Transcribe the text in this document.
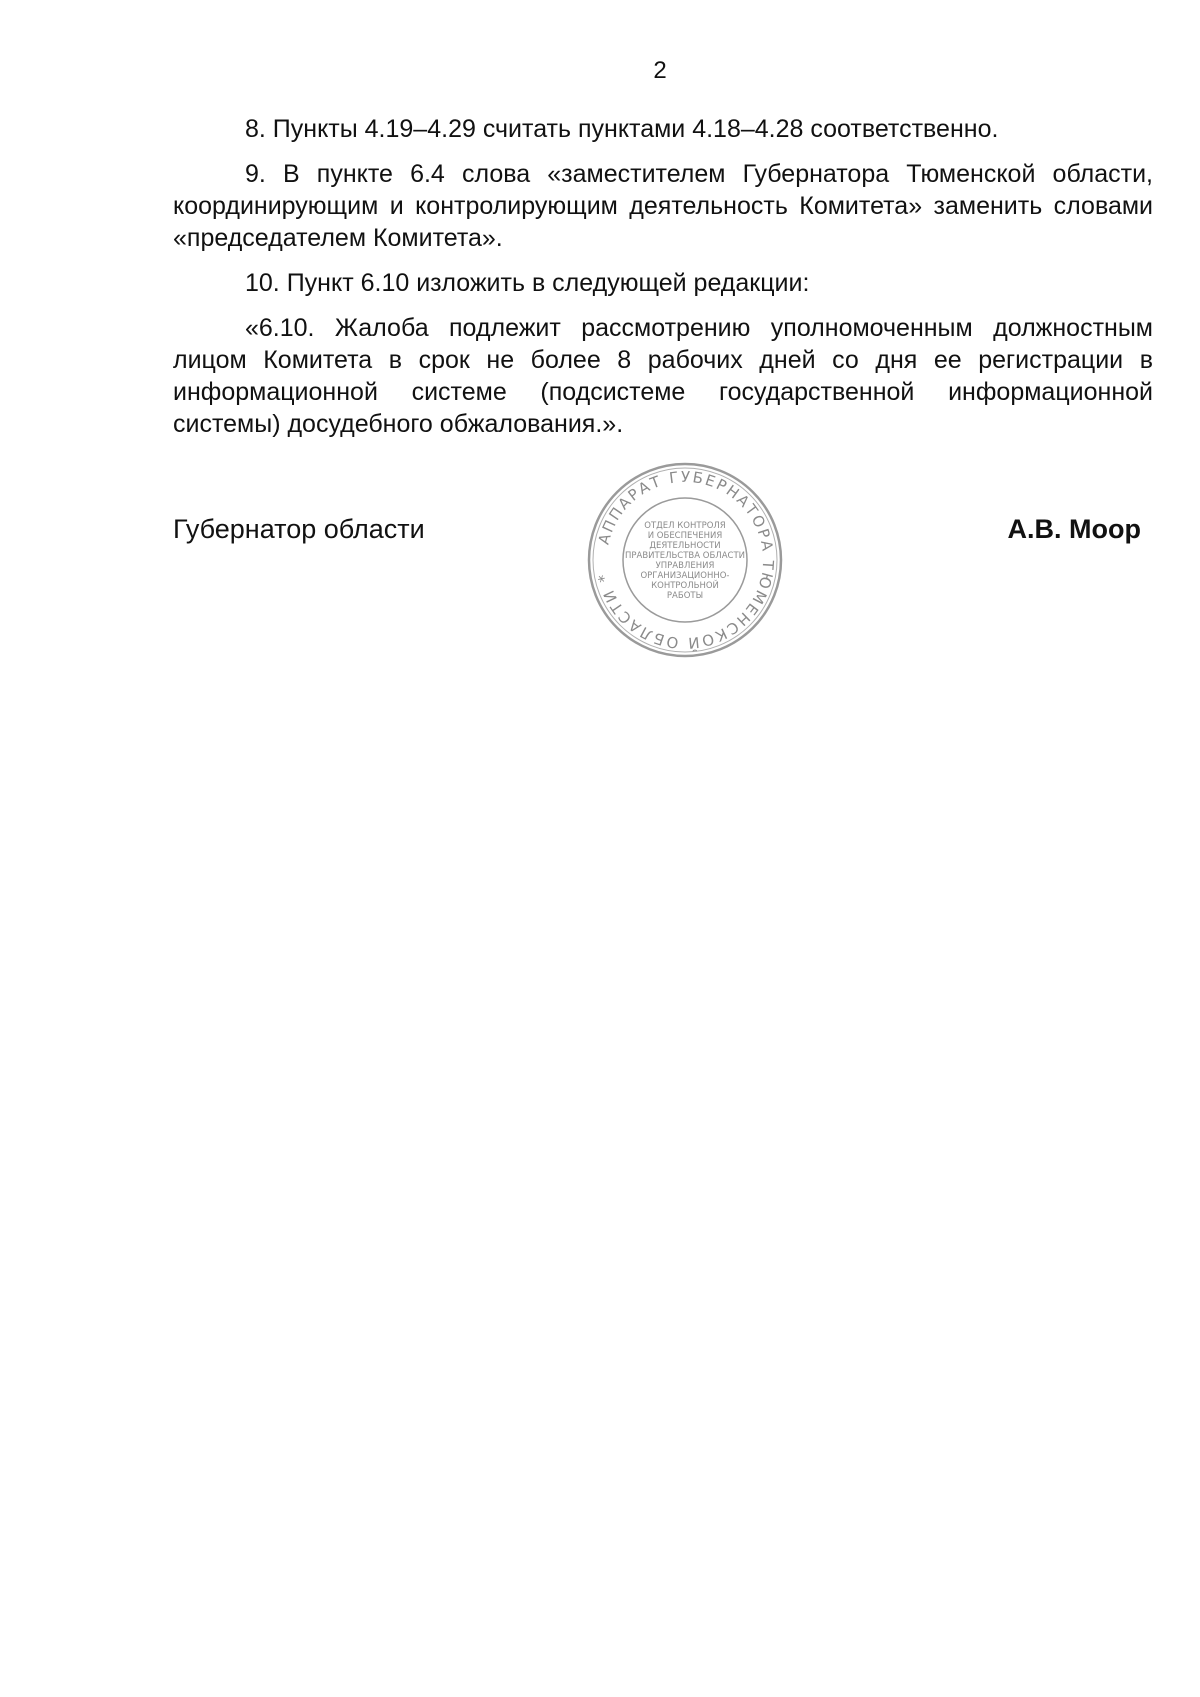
2

8. Пункты 4.19–4.29 считать пунктами 4.18–4.28 соответственно.

9. В пункте 6.4 слова «заместителем Губернатора Тюменской области, координирующим и контролирующим деятельность Комитета» заменить словами «председателем Комитета».

10. Пункт 6.10 изложить в следующей редакции:

«6.10. Жалоба подлежит рассмотрению уполномоченным должностным лицом Комитета в срок не более 8 рабочих дней со дня ее регистрации в информационной системе (подсистеме государственной информационной системы) досудебного обжалования.».

Губернатор области	А.В. Моор
АППАРАТ ГУБЕРНАТОРА ТЮМЕНСКОЙ ОБЛАСТИ *
ОТДЕЛ КОНТРОЛЯ
И ОБЕСПЕЧЕНИЯ
ДЕЯТЕЛЬНОСТИ
ПРАВИТЕЛЬСТВА ОБЛАСТИ
УПРАВЛЕНИЯ
ОРГАНИЗАЦИОННО-
КОНТРОЛЬНОЙ
РАБОТЫ
